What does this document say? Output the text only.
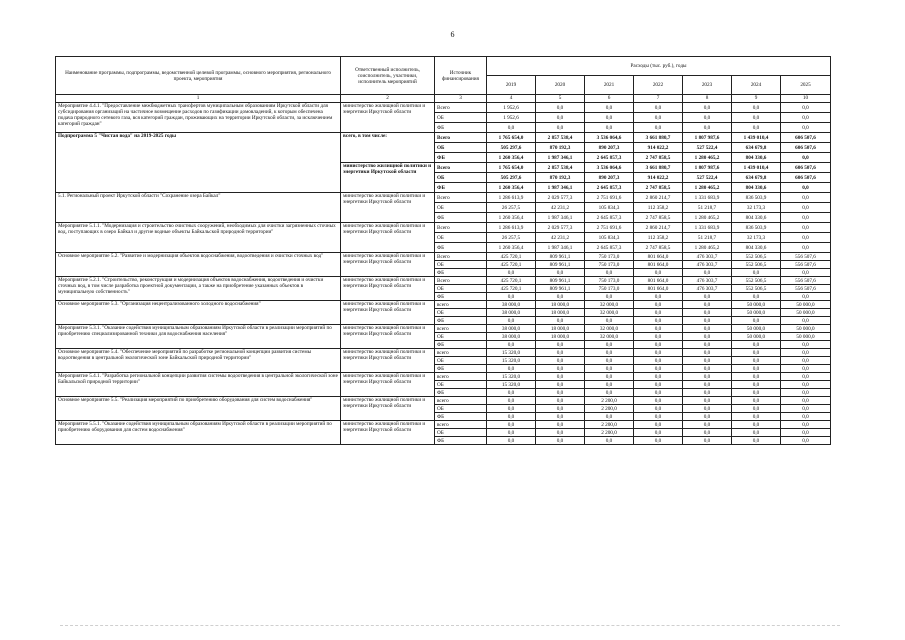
6
Наименование программы, подпрограммы, ведомственной целевой программы, основного мероприятия, регионального проекта, мероприятия	Ответственный исполнитель, соисполнитель, участники, исполнитель мероприятий	Источник финансирования	Расходы (тыс. руб.), годы						
			2019	2020	2021	2022	2023	2024	2025
1	2	3	4	5	6	7	8	9	10
Мероприятие 4.4.1. "Предоставление межбюджетных трансфертов муниципальным образованиям Иркутской области для субсидирования организаций на частичное возмещение расходов по газификации домовладений, к которым обеспечена подача природного сетевого газа, вся категорий граждан, проживающих на территории Иркутской области, за исключением категорий граждан"	министерство жилищной политики и энергетики Иркутской области	Всего	1 952,6	0,0	0,0	0,0	0,0	0,0	0,0
		ОБ	1 952,6	0,0	0,0	0,0	0,0	0,0	0,0
		ФБ	0,0	0,0	0,0	0,0	0,0	0,0	0,0
Подпрограмма 5 "Чистая вода" на 2019-2025 годы	всего, в том числе:	Всего	1 765 654,0	2 857 538,4	3 536 064,6	3 661 880,7	1 807 987,6	1 439 010,4	606 507,6
		ОБ	505 297,6	870 192,3	890 207,3	914 022,2	527 522,4	634 679,8	606 507,6
		ФБ	1 260 356,4	1 987 346,1	2 645 857,3	2 747 858,5	1 280 465,2	804 330,6	0,0
	министерство жилищной политики и энергетики Иркутской области	Всего	1 765 654,0	2 857 538,4	3 536 064,6	3 661 880,7	1 807 987,6	1 439 010,4	606 507,6
		ОБ	505 297,6	870 192,3	890 207,3	914 022,2	527 522,4	634 679,8	606 507,6
		ФБ	1 260 356,4	1 987 346,1	2 645 857,3	2 747 858,5	1 280 465,2	804 330,6	0,0
5.1. Региональный проект Иркутской области "Сохранение озера Байкал"	министерство жилищной политики и энергетики Иркутской области	Всего	1 286 613,9	2 029 577,3	2 751 691,6	2 860 214,7	1 331 683,9	836 503,9	0,0
		ОБ	26 257,5	42 231,2	105 834,3	112 358,2	51 218,7	32 173,3	0,0
		ФБ	1 260 356,4	1 987 346,1	2 645 857,3	2 747 858,5	1 280 465,2	804 330,6	0,0
Мероприятие 5.1.1. "Модернизация и строительство очистных сооружений, необходимых для очистки загрязненных сточных вод, поступающих в озеро Байкал и другие водные объекты Байкальской природной территории"	министерство жилищной политики и энергетики Иркутской области	Всего	1 286 613,9	2 029 577,3	2 751 691,6	2 860 214,7	1 331 683,9	836 503,9	0,0
		ОБ	26 257,5	42 231,2	105 834,3	112 358,2	51 218,7	32 173,3	0,0
		ФБ	1 260 356,4	1 987 346,1	2 645 857,3	2 747 858,5	1 280 465,2	804 330,6	0,0
Основное мероприятие 5.2. "Развитие и модернизация объектов водоснабжения, водоотведения и очистки сточных вод"	министерство жилищной политики и энергетики Иркутской области	Всего	425 720,1	809 961,1	750 173,0	801 664,0	476 303,7	552 506,5	556 507,6
		ОБ	425 720,1	809 961,1	750 173,0	801 664,0	476 303,7	552 506,5	556 507,6
		ФБ	0,0	0,0	0,0	0,0	0,0	0,0	0,0
Мероприятие 5.2.1. "Строительство, реконструкция и модернизация объектов водоснабжения, водоотведения и очистки сточных вод, в том числе разработка проектной документации, а также на приобретение указанных объектов в муниципальную собственность"	министерство жилищной политики и энергетики Иркутской области	Всего	425 720,1	809 961,1	750 173,0	801 664,0	476 303,7	552 506,5	556 507,6
		ОБ	425 720,1	809 961,1	750 173,0	801 664,0	476 303,7	552 506,5	556 507,6
		ФБ	0,0	0,0	0,0	0,0	0,0	0,0	0,0
Основное мероприятие 5.3. "Организация нецентрализованного холодного водоснабжения"	министерство жилищной политики и энергетики Иркутской области	всего	38 000,0	18 000,0	32 000,0	0,0	0,0	50 000,0	50 000,0
		ОБ	38 000,0	18 000,0	32 000,0	0,0	0,0	50 000,0	50 000,0
		ФБ	0,0	0,0	0,0	0,0	0,0	0,0	0,0
Мероприятие 5.3.1. "Оказание содействия муниципальным образованиям Иркутской области в реализации мероприятий по приобретению специализированной техники для водоснабжения населения"	министерство жилищной политики и энергетики Иркутской области	всего	38 000,0	18 000,0	32 000,0	0,0	0,0	50 000,0	50 000,0
		ОБ	38 000,0	18 000,0	32 000,0	0,0	0,0	50 000,0	50 000,0
		ФБ	0,0	0,0	0,0	0,0	0,0	0,0	0,0
Основное мероприятие 5.4. "Обеспечение мероприятий по разработке региональной концепции развития системы водоотведения в центральной экологической зоне Байкальской природной территории"	министерство жилищной политики и энергетики Иркутской области	всего	15 320,0	0,0	0,0	0,0	0,0	0,0	0,0
		ОБ	15 320,0	0,0	0,0	0,0	0,0	0,0	0,0
		ФБ	0,0	0,0	0,0	0,0	0,0	0,0	0,0
Мероприятие 5.4.1. "Разработка региональной концепции развития системы водоотведения в центральной экологической зоне Байкальской природной территории"	министерство жилищной политики и энергетики Иркутской области	всего	15 320,0	0,0	0,0	0,0	0,0	0,0	0,0
		ОБ	15 320,0	0,0	0,0	0,0	0,0	0,0	0,0
		ФБ	0,0	0,0	0,0	0,0	0,0	0,0	0,0
Основное мероприятие 5.5. "Реализация мероприятий по приобретению оборудования для систем водоснабжения"	министерство жилищной политики и энергетики Иркутской области	всего	0,0	0,0	2 200,0	0,0	0,0	0,0	0,0
		ОБ	0,0	0,0	2 200,0	0,0	0,0	0,0	0,0
		ФБ	0,0	0,0	0,0	0,0	0,0	0,0	0,0
Мероприятие 5.5.1. "Оказание содействия муниципальным образованиям Иркутской области в реализации мероприятий по приобретению оборудования для систем водоснабжения"	министерство жилищной политики и энергетики Иркутской области	всего	0,0	0,0	2 200,0	0,0	0,0	0,0	0,0
		ОБ	0,0	0,0	2 200,0	0,0	0,0	0,0	0,0
		ФБ	0,0	0,0	0,0	0,0	0,0	0,0	0,0
